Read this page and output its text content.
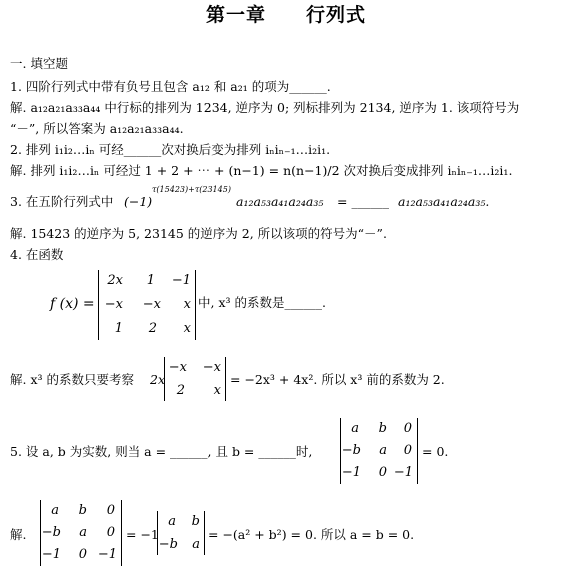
第一章 行列式
一. 填空题
1. 四阶行列式中带有负号且包含 a₁₂ 和 a₂₁ 的项为______.
解. a₁₂a₂₁a₃₃a₄₄ 中行标的排列为 1234, 逆序为 0; 列标排列为 2134, 逆序为 1. 该项符号为
“－”, 所以答案为 a₁₂a₂₁a₃₃a₄₄.
2. 排列 i₁i₂…iₙ 可经______次对换后变为排列 iₙiₙ₋₁…i₂i₁.
解. 排列 i₁i₂…iₙ 可经过 1 + 2 + ⋯ + (n−1) = n(n−1)/2 次对换后变成排列 iₙiₙ₋₁…i₂i₁.
3. 在五阶行列式中 (−1)
τ(15423)+τ(23145)
a₁₂a₅₃a₄₁a₂₄a₃₅ = ______ a₁₂a₅₃a₄₁a₂₄a₃₅.
解. 15423 的逆序为 5, 23145 的逆序为 2, 所以该项的符号为“－”.
4. 在函数
f (x) =
2x 1 −1
−x −x x
1 2 x
中, x³ 的系数是______.
解. x³ 的系数只要考察 2x
−x −x
2 x
= −2x³ + 4x². 所以 x³ 前的系数为 2.
5. 设 a, b 为实数, 则当 a = ______, 且 b = ______时,
a b 0
−b a 0
−1 0 −1
= 0.
解.
a b 0
−b a 0
−1 0 −1
= −1
a b
−b a
= −(a² + b²) = 0. 所以 a = b = 0.
